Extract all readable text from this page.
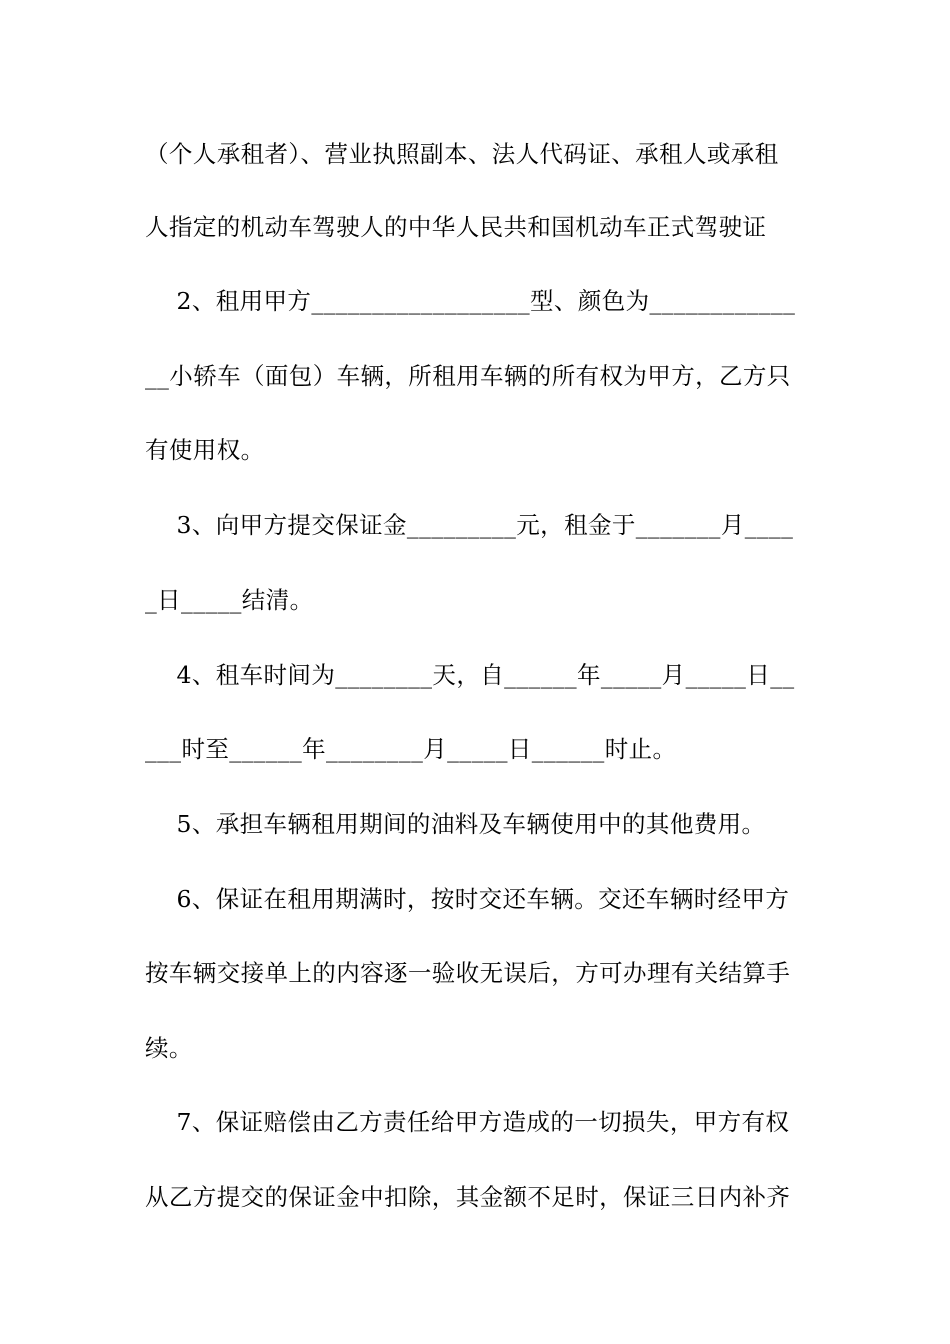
（个人承租者）、营业执照副本、法人代码证、承租人或承租
人指定的机动车驾驶人的中华人民共和国机动车正式驾驶证
2、租用甲方__________________型、颜色为____________
__小轿车（面包）车辆，所租用车辆的所有权为甲方，乙方只
有使用权。
3、向甲方提交保证金_________元，租金于_______月____
_日_____结清。
4、租车时间为________天，自______年_____月_____日__
___时至______年________月_____日______时止。
5、承担车辆租用期间的油料及车辆使用中的其他费用。
6、保证在租用期满时，按时交还车辆。交还车辆时经甲方
按车辆交接单上的内容逐一验收无误后，方可办理有关结算手
续。
7、保证赔偿由乙方责任给甲方造成的一切损失，甲方有权
从乙方提交的保证金中扣除，其金额不足时，保证三日内补齐
